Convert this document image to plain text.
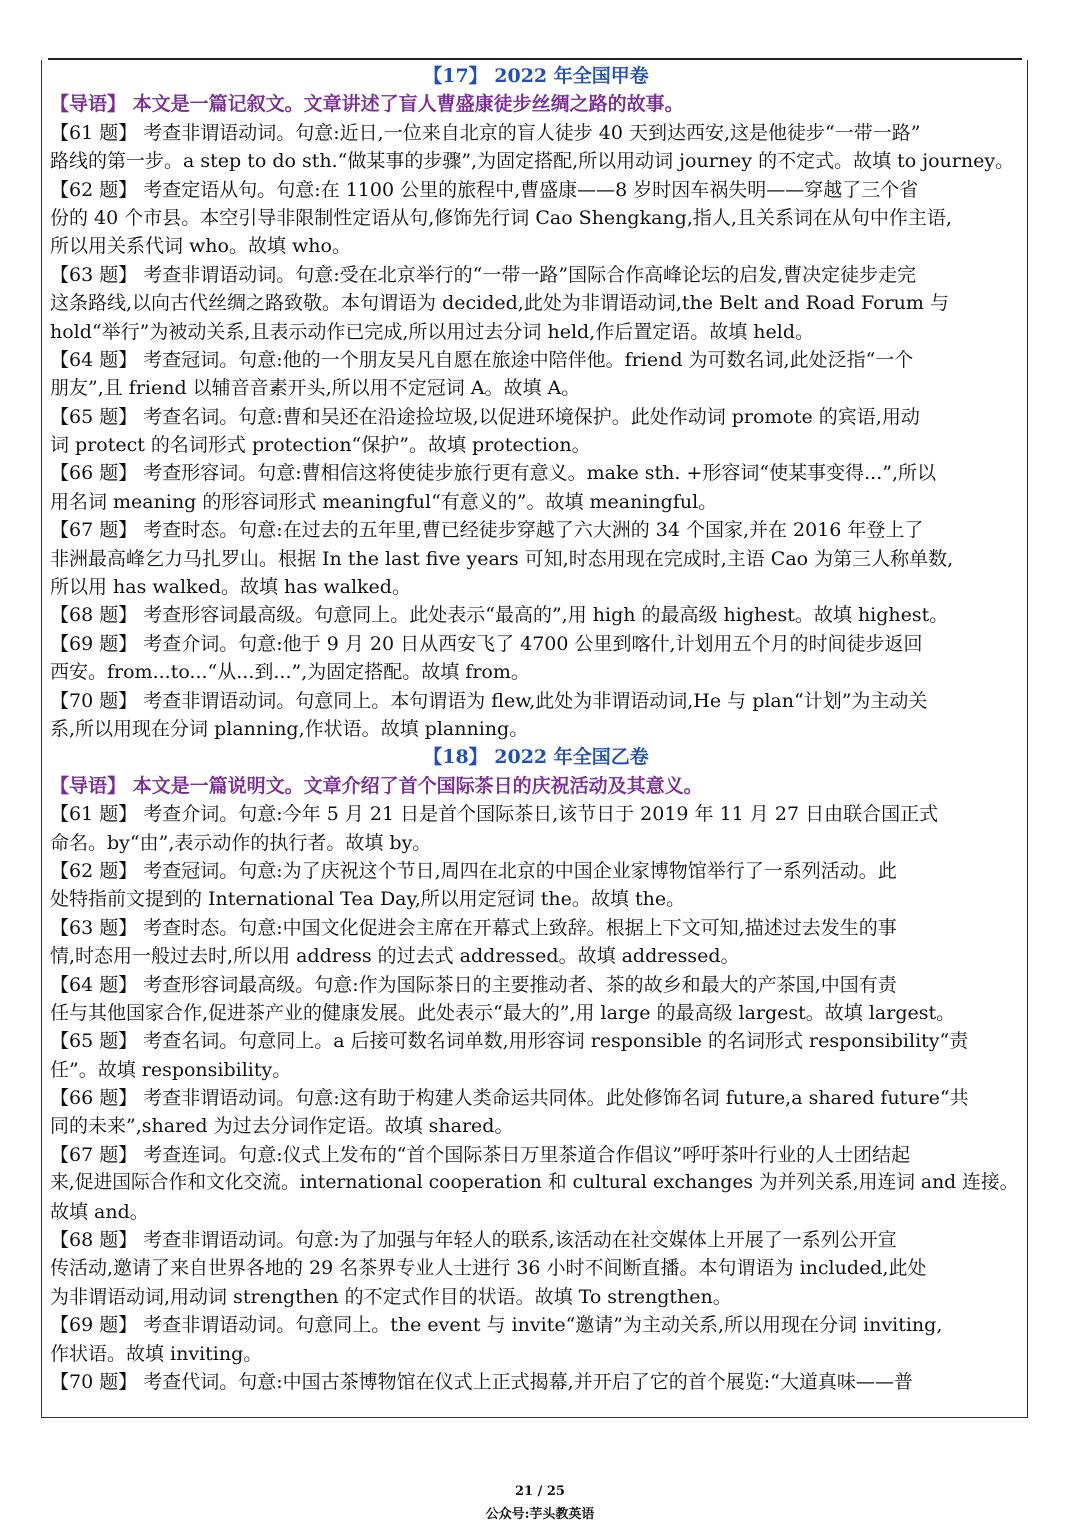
【17】 2022 年全国甲卷
【导语】 本文是一篇记叙文。文章讲述了盲人曹盛康徒步丝绸之路的故事。
【61 题】 考查非谓语动词。句意:近日,一位来自北京的盲人徒步 40 天到达西安,这是他徒步“一带一路”
路线的第一步。a step to do sth.“做某事的步骤”,为固定搭配,所以用动词 journey 的不定式。故填 to journey。
【62 题】 考查定语从句。句意:在 1100 公里的旅程中,曹盛康——8 岁时因车祸失明——穿越了三个省
份的 40 个市县。本空引导非限制性定语从句,修饰先行词 Cao Shengkang,指人,且关系词在从句中作主语,
所以用关系代词 who。故填 who。
【63 题】 考查非谓语动词。句意:受在北京举行的“一带一路”国际合作高峰论坛的启发,曹决定徒步走完
这条路线,以向古代丝绸之路致敬。本句谓语为 decided,此处为非谓语动词,the Belt and Road Forum 与
hold“举行”为被动关系,且表示动作已完成,所以用过去分词 held,作后置定语。故填 held。
【64 题】 考查冠词。句意:他的一个朋友吴凡自愿在旅途中陪伴他。friend 为可数名词,此处泛指“一个
朋友”,且 friend 以辅音音素开头,所以用不定冠词 A。故填 A。
【65 题】 考查名词。句意:曹和吴还在沿途捡垃圾,以促进环境保护。此处作动词 promote 的宾语,用动
词 protect 的名词形式 protection“保护”。故填 protection。
【66 题】 考查形容词。句意:曹相信这将使徒步旅行更有意义。make sth. +形容词“使某事变得...”,所以
用名词 meaning 的形容词形式 meaningful“有意义的”。故填 meaningful。
【67 题】 考查时态。句意:在过去的五年里,曹已经徒步穿越了六大洲的 34 个国家,并在 2016 年登上了
非洲最高峰乞力马扎罗山。根据 In the last five years 可知,时态用现在完成时,主语 Cao 为第三人称单数,
所以用 has walked。故填 has walked。
【68 题】 考查形容词最高级。句意同上。此处表示“最高的”,用 high 的最高级 highest。故填 highest。
【69 题】 考查介词。句意:他于 9 月 20 日从西安飞了 4700 公里到喀什,计划用五个月的时间徒步返回
西安。from...to...“从...到...”,为固定搭配。故填 from。
【70 题】 考查非谓语动词。句意同上。本句谓语为 flew,此处为非谓语动词,He 与 plan“计划”为主动关
系,所以用现在分词 planning,作状语。故填 planning。
【18】 2022 年全国乙卷
【导语】 本文是一篇说明文。文章介绍了首个国际茶日的庆祝活动及其意义。
【61 题】 考查介词。句意:今年 5 月 21 日是首个国际茶日,该节日于 2019 年 11 月 27 日由联合国正式
命名。by“由”,表示动作的执行者。故填 by。
【62 题】 考查冠词。句意:为了庆祝这个节日,周四在北京的中国企业家博物馆举行了一系列活动。此
处特指前文提到的 International Tea Day,所以用定冠词 the。故填 the。
【63 题】 考查时态。句意:中国文化促进会主席在开幕式上致辞。根据上下文可知,描述过去发生的事
情,时态用一般过去时,所以用 address 的过去式 addressed。故填 addressed。
【64 题】 考查形容词最高级。句意:作为国际茶日的主要推动者、茶的故乡和最大的产茶国,中国有责
任与其他国家合作,促进茶产业的健康发展。此处表示“最大的”,用 large 的最高级 largest。故填 largest。
【65 题】 考查名词。句意同上。a 后接可数名词单数,用形容词 responsible 的名词形式 responsibility“责
任”。故填 responsibility。
【66 题】 考查非谓语动词。句意:这有助于构建人类命运共同体。此处修饰名词 future,a shared future“共
同的未来”,shared 为过去分词作定语。故填 shared。
【67 题】 考查连词。句意:仪式上发布的“首个国际茶日万里茶道合作倡议”呼吁茶叶行业的人士团结起
来,促进国际合作和文化交流。international cooperation 和 cultural exchanges 为并列关系,用连词 and 连接。
故填 and。
【68 题】 考查非谓语动词。句意:为了加强与年轻人的联系,该活动在社交媒体上开展了一系列公开宣
传活动,邀请了来自世界各地的 29 名茶界专业人士进行 36 小时不间断直播。本句谓语为 included,此处
为非谓语动词,用动词 strengthen 的不定式作目的状语。故填 To strengthen。
【69 题】 考查非谓语动词。句意同上。the event 与 invite“邀请”为主动关系,所以用现在分词 inviting,
作状语。故填 inviting。
【70 题】 考查代词。句意:中国古茶博物馆在仪式上正式揭幕,并开启了它的首个展览:“大道真味——普
21 / 25
公众号:芋头教英语
